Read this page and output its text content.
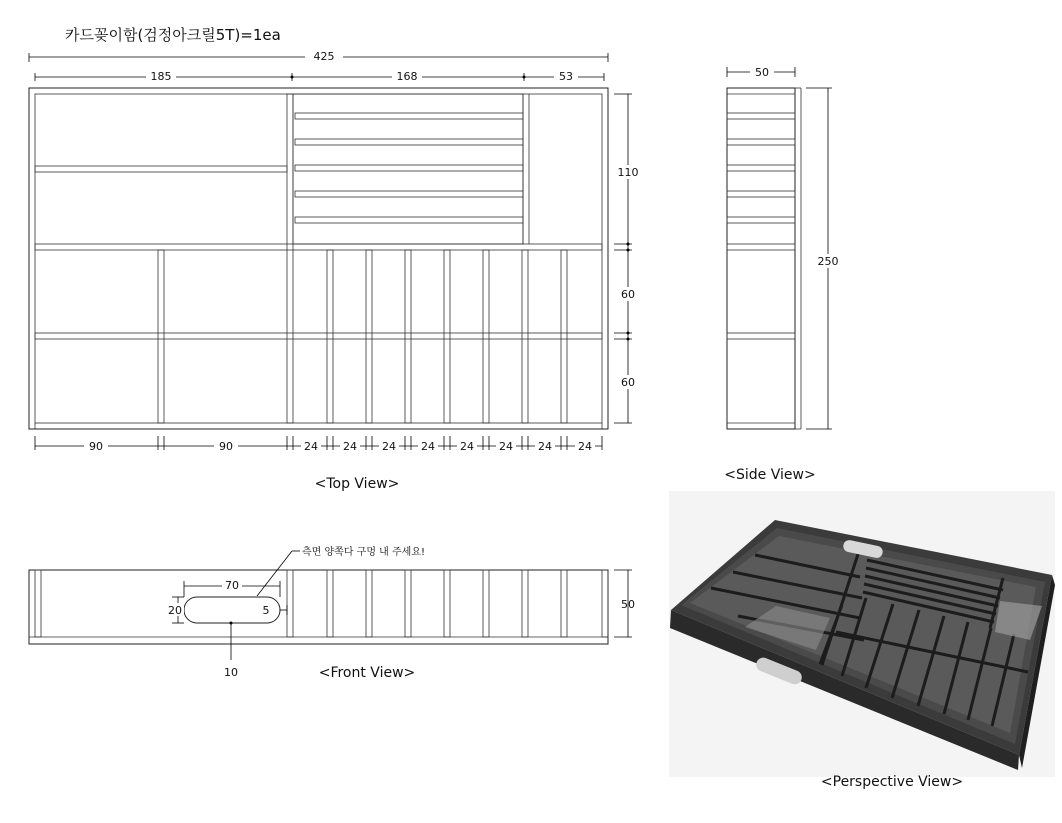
카드꽂이함(검정아크릴5T)=1ea
425
185	168	53
110
60
60
90	90	24 24 24 24 24 24 24 24
<Top View>
50
250
<Side View>
70
20	5
10
측면 양쪽다 구멍 내 주세요!
50
<Front View>
<Perspective View>
